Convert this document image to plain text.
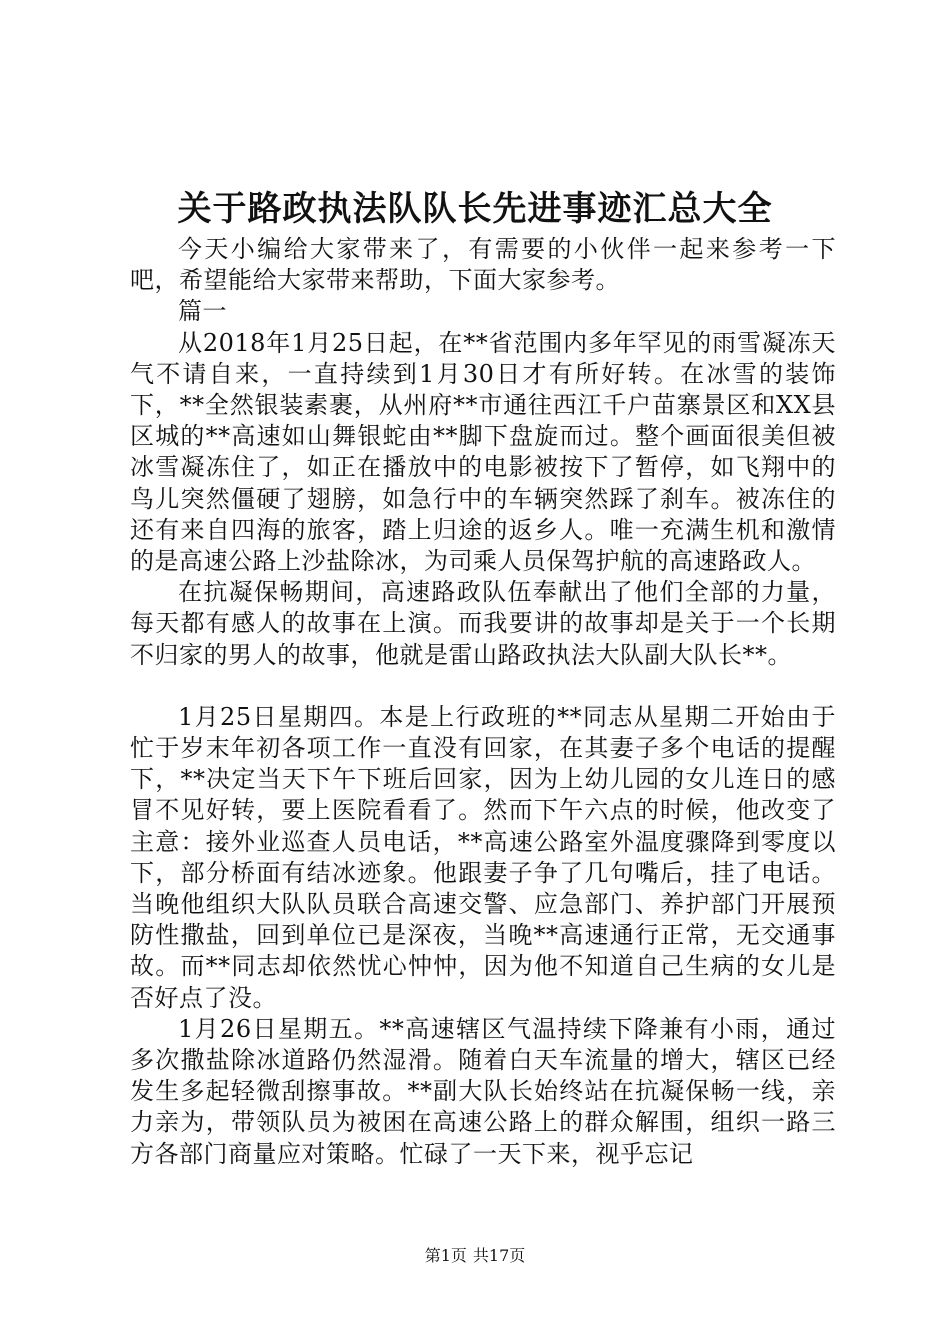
关于路政执法队队长先进事迹汇总大全

今天小编给大家带来了，有需要的小伙伴一起来参考一下吧，希望能给大家带来帮助，下面大家参考。

篇一

从2018年1月25日起，在**省范围内多年罕见的雨雪凝冻天气不请自来，一直持续到1月30日才有所好转。在冰雪的装饰下，**全然银装素裹，从州府**市通往西江千户苗寨景区和XX县区城的**高速如山舞银蛇由**脚下盘旋而过。整个画面很美但被冰雪凝冻住了，如正在播放中的电影被按下了暂停，如飞翔中的鸟儿突然僵硬了翅膀，如急行中的车辆突然踩了刹车。被冻住的还有来自四海的旅客，踏上归途的返乡人。唯一充满生机和激情的是高速公路上沙盐除冰，为司乘人员保驾护航的高速路政人。

在抗凝保畅期间，高速路政队伍奉献出了他们全部的力量，每天都有感人的故事在上演。而我要讲的故事却是关于一个长期不归家的男人的故事，他就是雷山路政执法大队副大队长**。

1月25日星期四。本是上行政班的**同志从星期二开始由于忙于岁末年初各项工作一直没有回家，在其妻子多个电话的提醒下，**决定当天下午下班后回家，因为上幼儿园的女儿连日的感冒不见好转，要上医院看看了。然而下午六点的时候，他改变了主意：接外业巡查人员电话，**高速公路室外温度骤降到零度以下，部分桥面有结冰迹象。他跟妻子争了几句嘴后，挂了电话。当晚他组织大队队员联合高速交警、应急部门、养护部门开展预防性撒盐，回到单位已是深夜，当晚**高速通行正常，无交通事故。而**同志却依然忧心忡忡，因为他不知道自己生病的女儿是否好点了没。

1月26日星期五。**高速辖区气温持续下降兼有小雨，通过多次撒盐除冰道路仍然湿滑。随着白天车流量的增大，辖区已经发生多起轻微刮擦事故。**副大队长始终站在抗凝保畅一线，亲力亲为，带领队员为被困在高速公路上的群众解围，组织一路三方各部门商量应对策略。忙碌了一天下来，视乎忘记

第1页 共17页
